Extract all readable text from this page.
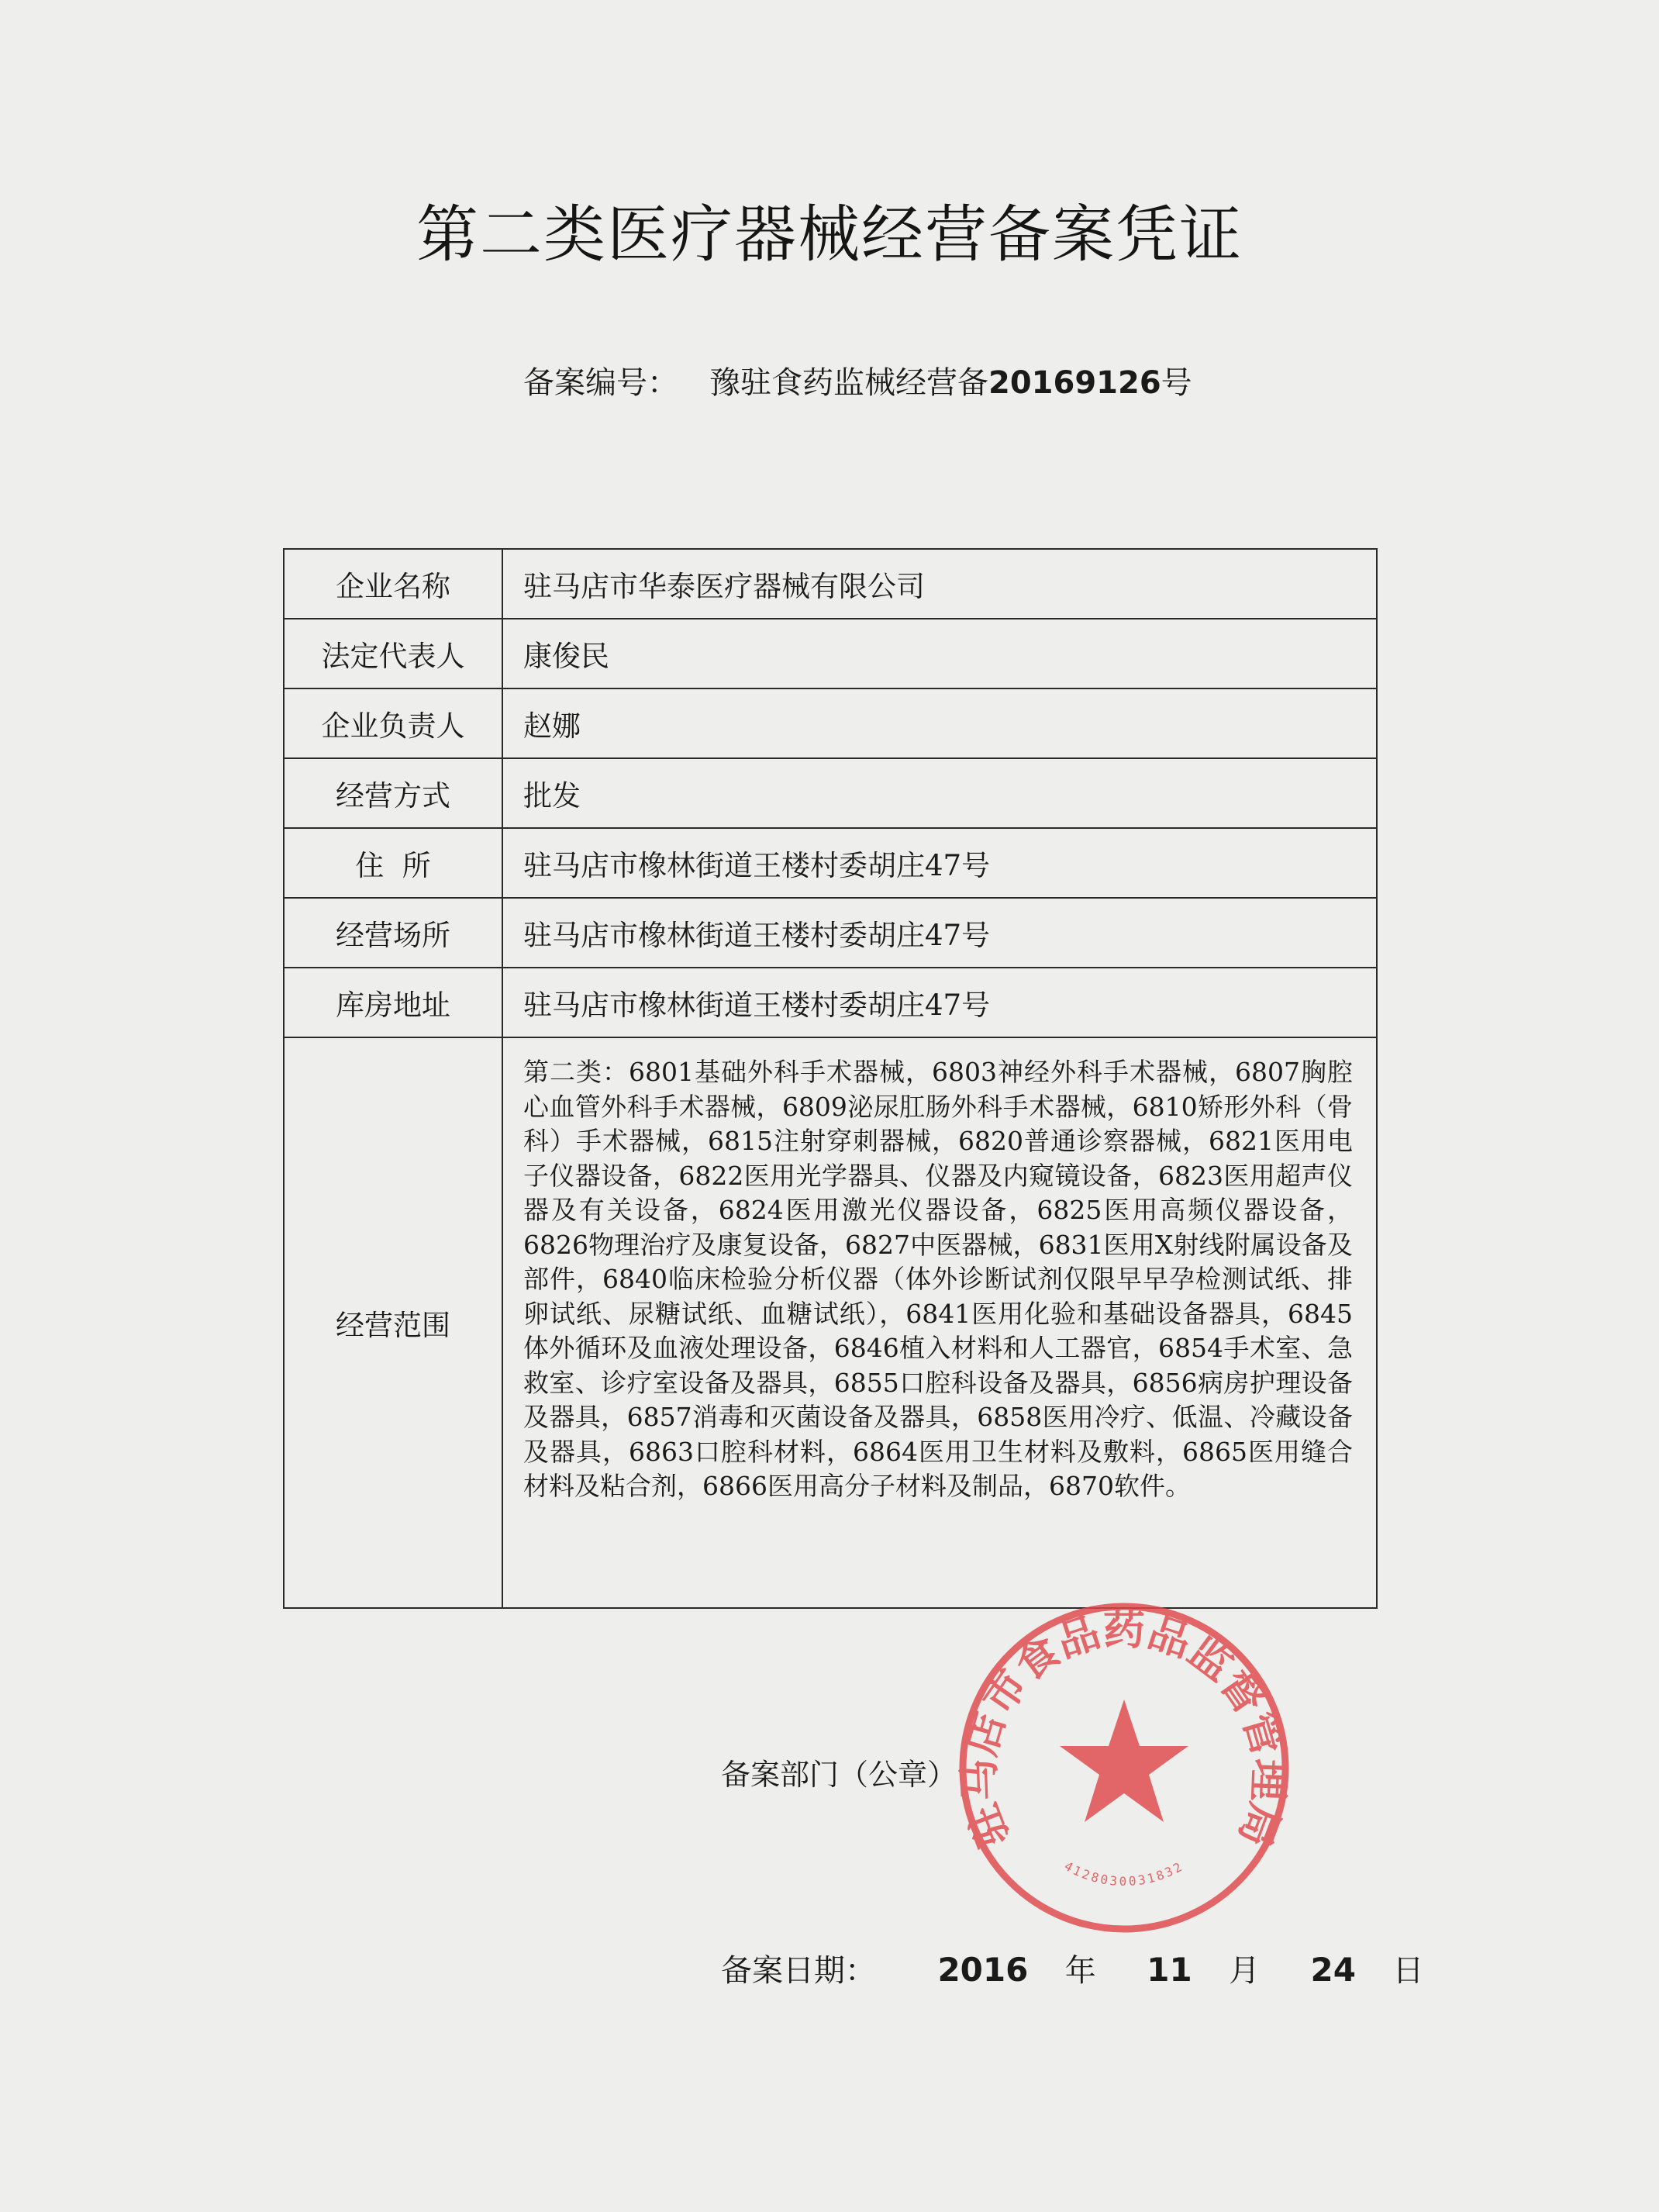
第二类医疗器械经营备案凭证
备案编号： 豫驻食药监械经营备20169126号
企业名称	驻马店市华泰医疗器械有限公司
法定代表人	康俊民
企业负责人	赵娜
经营方式	批发
住  所	驻马店市橡林街道王楼村委胡庄47号
经营场所	驻马店市橡林街道王楼村委胡庄47号
库房地址	驻马店市橡林街道王楼村委胡庄47号
经营范围	第二类：6801基础外科手术器械，6803神经外科手术器械，6807胸腔心血管外科手术器械，6809泌尿肛肠外科手术器械，6810矫形外科（骨科）手术器械，6815注射穿刺器械，6820普通诊察器械，6821医用电子仪器设备，6822医用光学器具、仪器及内窥镜设备，6823医用超声仪器及有关设备，6824医用激光仪器设备，6825医用高频仪器设备，6826物理治疗及康复设备，6827中医器械，6831医用X射线附属设备及部件，6840临床检验分析仪器（体外诊断试剂仅限早早孕检测试纸、排卵试纸、尿糖试纸、血糖试纸），6841医用化验和基础设备器具，6845体外循环及血液处理设备，6846植入材料和人工器官，6854手术室、急救室、诊疗室设备及器具，6855口腔科设备及器具，6856病房护理设备及器具，6857消毒和灭菌设备及器具，6858医用冷疗、低温、冷藏设备及器具，6863口腔科材料，6864医用卫生材料及敷料，6865医用缝合材料及粘合剂，6866医用高分子材料及制品，6870软件。
备案部门（公章）
驻马店市食品药品监督管理局
4128030031832
备案日期： 2016 年 11 月 24 日
